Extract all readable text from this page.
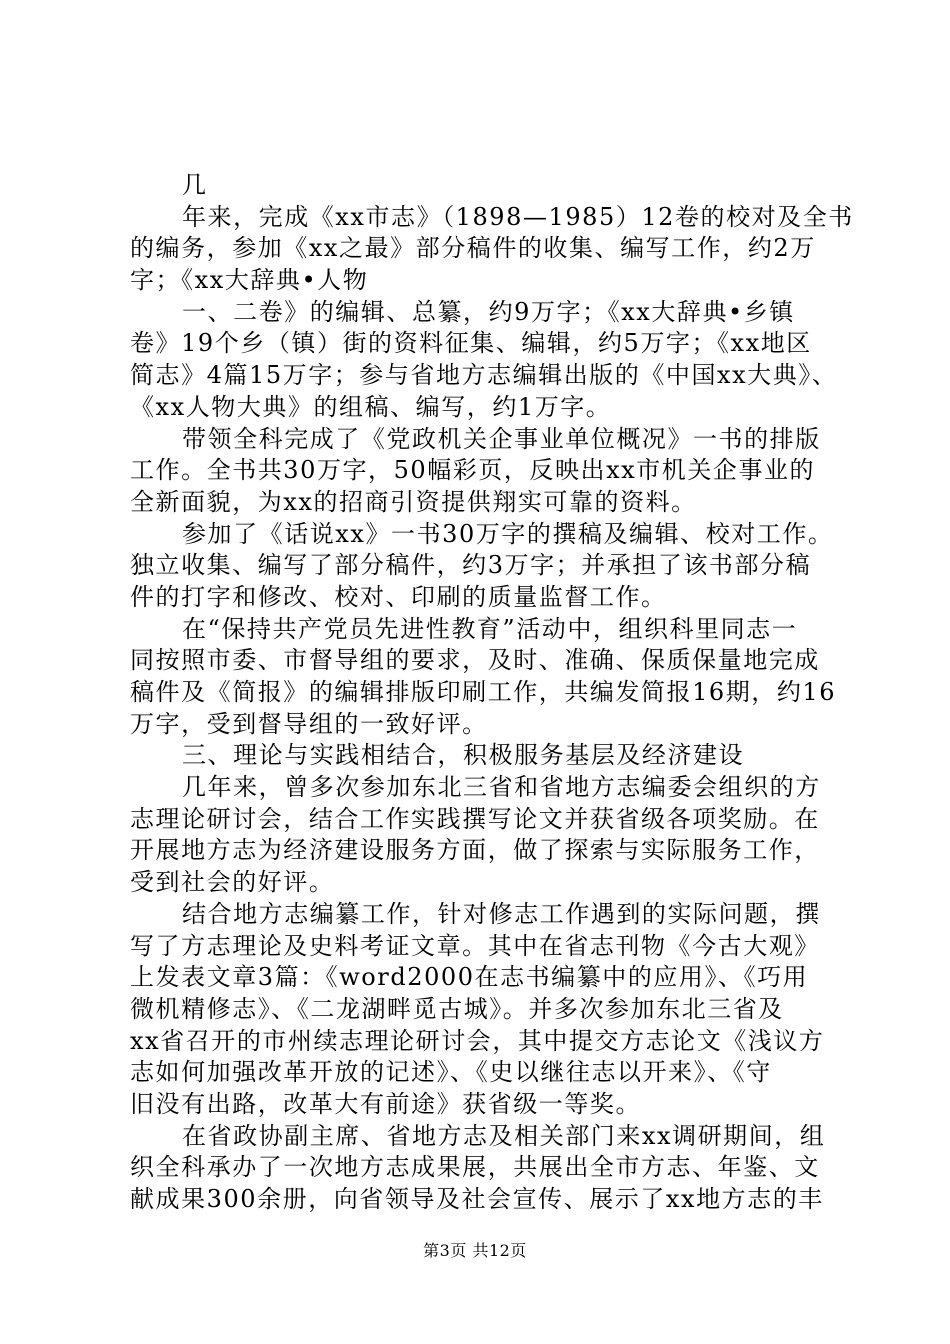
几
年来，完成《xx市志》（1898—1985）12卷的校对及全书
的编务，参加《xx之最》部分稿件的收集、编写工作，约2万
字；《xx大辞典•人物
一、二卷》的编辑、总纂，约9万字；《xx大辞典•乡镇
卷》19个乡（镇）街的资料征集、编辑，约5万字；《xx地区
简志》4篇15万字；参与省地方志编辑出版的《中国xx大典》、
《xx人物大典》的组稿、编写，约1万字。
带领全科完成了《党政机关企事业单位概况》一书的排版
工作。全书共30万字，50幅彩页，反映出xx市机关企事业的
全新面貌，为xx的招商引资提供翔实可靠的资料。
参加了《话说xx》一书30万字的撰稿及编辑、校对工作。
独立收集、编写了部分稿件，约3万字；并承担了该书部分稿
件的打字和修改、校对、印刷的质量监督工作。
在“保持共产党员先进性教育”活动中，组织科里同志一
同按照市委、市督导组的要求，及时、准确、保质保量地完成
稿件及《简报》的编辑排版印刷工作，共编发简报16期，约16
万字，受到督导组的一致好评。
三、理论与实践相结合，积极服务基层及经济建设
几年来，曾多次参加东北三省和省地方志编委会组织的方
志理论研讨会，结合工作实践撰写论文并获省级各项奖励。在
开展地方志为经济建设服务方面，做了探索与实际服务工作，
受到社会的好评。
结合地方志编纂工作，针对修志工作遇到的实际问题，撰
写了方志理论及史料考证文章。其中在省志刊物《今古大观》
上发表文章3篇：《word2000在志书编纂中的应用》、《巧用
微机精修志》、《二龙湖畔觅古城》。并多次参加东北三省及
xx省召开的市州续志理论研讨会，其中提交方志论文《浅议方
志如何加强改革开放的记述》、《史以继往志以开来》、《守
旧没有出路，改革大有前途》获省级一等奖。
在省政协副主席、省地方志及相关部门来xx调研期间，组
织全科承办了一次地方志成果展，共展出全市方志、年鉴、文
献成果300余册，向省领导及社会宣传、展示了xx地方志的丰
第3页 共12页
